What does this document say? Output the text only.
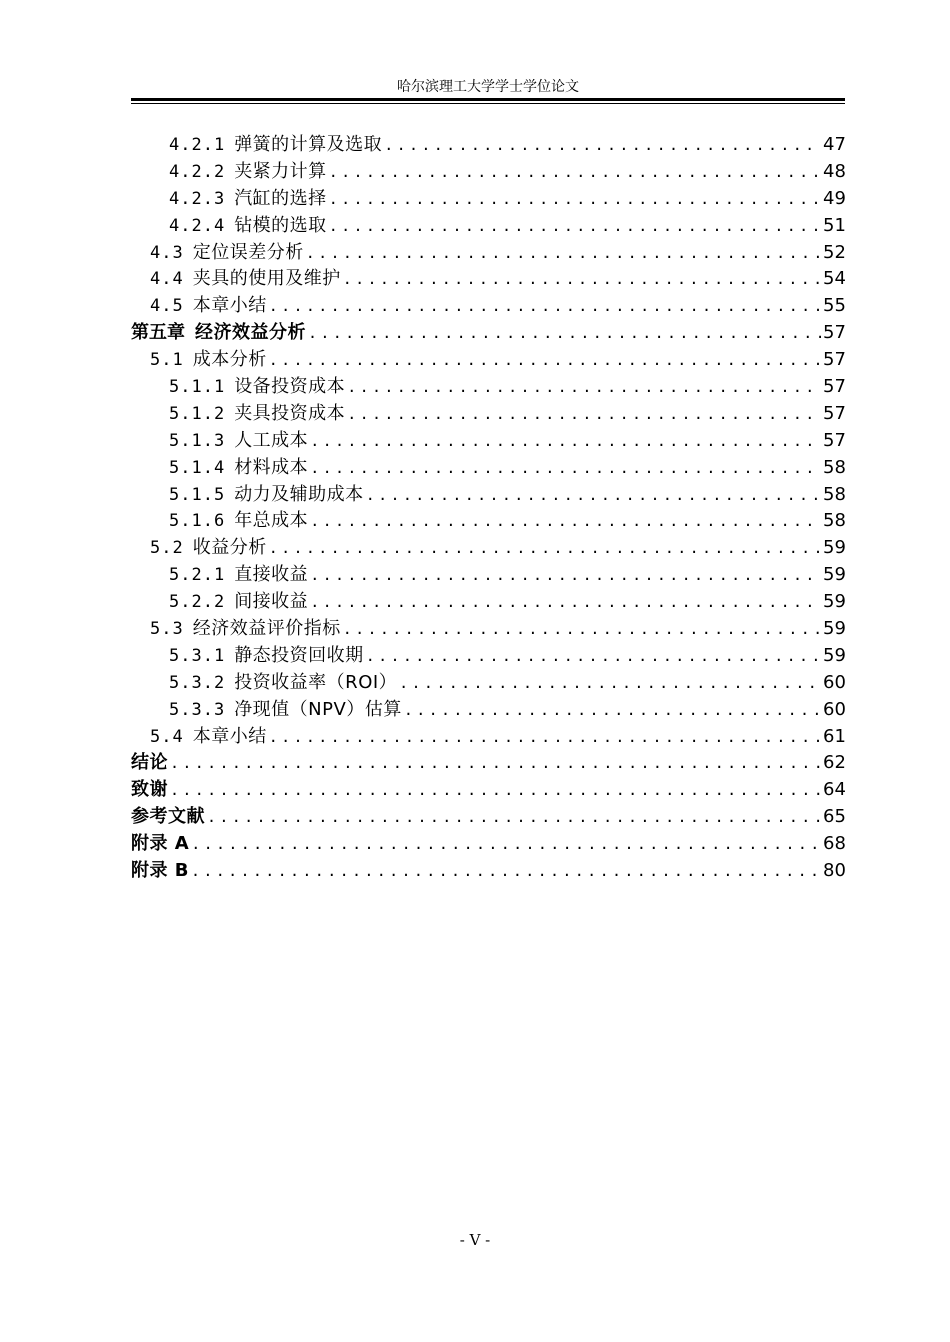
哈尔滨理工大学学士学位论文
4.2.1 弹簧的计算及选取 .....	47
4.2.2 夹紧力计算 .....	48
4.2.3 汽缸的选择 .....	49
4.2.4 钻模的选取 .....	51
4.3 定位误差分析 .....	52
4.4 夹具的使用及维护 .....	54
4.5 本章小结 .....	55
第五章 经济效益分析 .....	57
5.1 成本分析 .....	57
5.1.1 设备投资成本 .....	57
5.1.2 夹具投资成本 .....	57
5.1.3 人工成本 .....	57
5.1.4 材料成本 .....	58
5.1.5 动力及辅助成本 .....	58
5.1.6 年总成本 .....	58
5.2 收益分析 .....	59
5.2.1 直接收益 .....	59
5.2.2 间接收益 .....	59
5.3 经济效益评价指标 .....	59
5.3.1 静态投资回收期 .....	59
5.3.2 投资收益率（ROI） .....	60
5.3.3 净现值（NPV）估算 .....	60
5.4 本章小结 .....	61
结论 .....	62
致谢 .....	64
参考文献 .....	65
附录 A .....	68
附录 B .....	80
- V -
